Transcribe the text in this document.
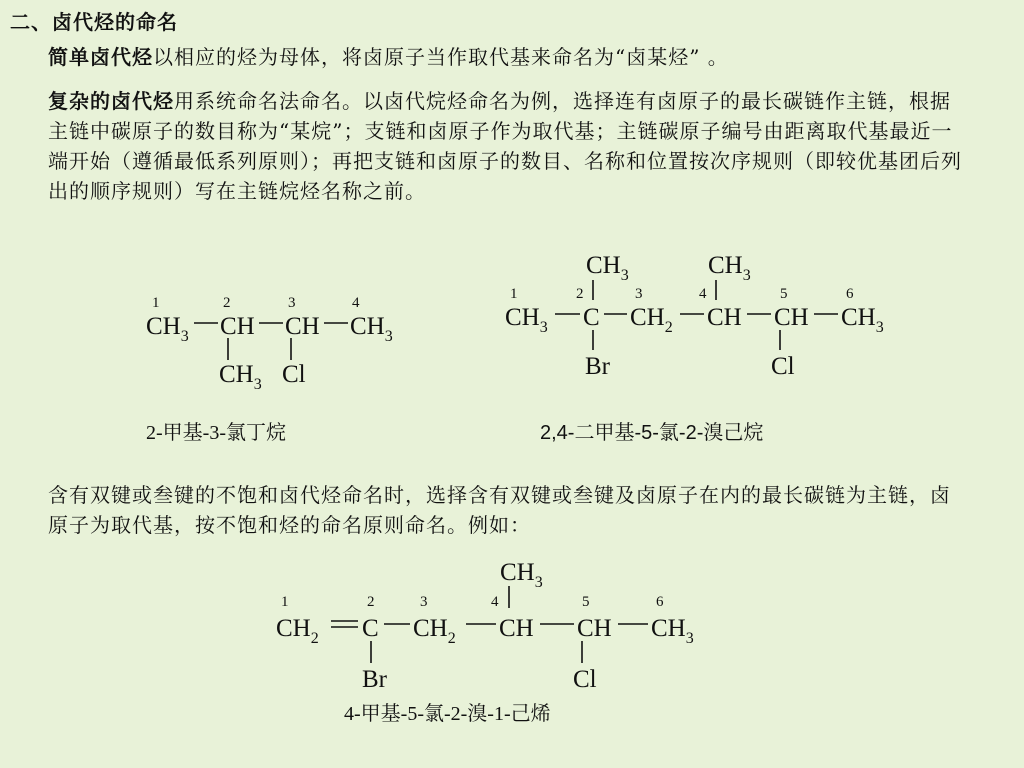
二、卤代烃的命名
简单卤代烃以相应的烃为母体，将卤原子当作取代基来命名为“卤某烃” 。
复杂的卤代烃用系统命名法命名。以卤代烷烃命名为例，选择连有卤原子的最长碳链作主链，根据主链中碳原子的数目称为“某烷”；支链和卤原子作为取代基；主链碳原子编号由距离取代基最近一端开始（遵循最低系列原则）；再把支链和卤原子的数目、名称和位置按次序规则（即较优基团后列出的顺序规则）写在主链烷烃名称之前。
含有双键或叁键的不饱和卤代烃命名时，选择含有双键或叁键及卤原子在内的最长碳链为主链，卤原子为取代基，按不饱和烃的命名原则命名。例如：
1	2	3	4
$CH_3$ CH CH $CH_3$
$CH_3$ Cl
2-甲基-3-氯丁烷
$CH_3$	$CH_3$
1	2	3	4	5	6
$CH_3$ C $CH_2$ CH CH $CH_3$
Br	Cl
2,4-二甲基-5-氯-2-溴己烷
$CH_3$
1	2	3	4	5	6
$CH_2$ C $CH_2$ CH CH $CH_3$
Br	Cl
4-甲基-5-氯-2-溴-1-己烯
